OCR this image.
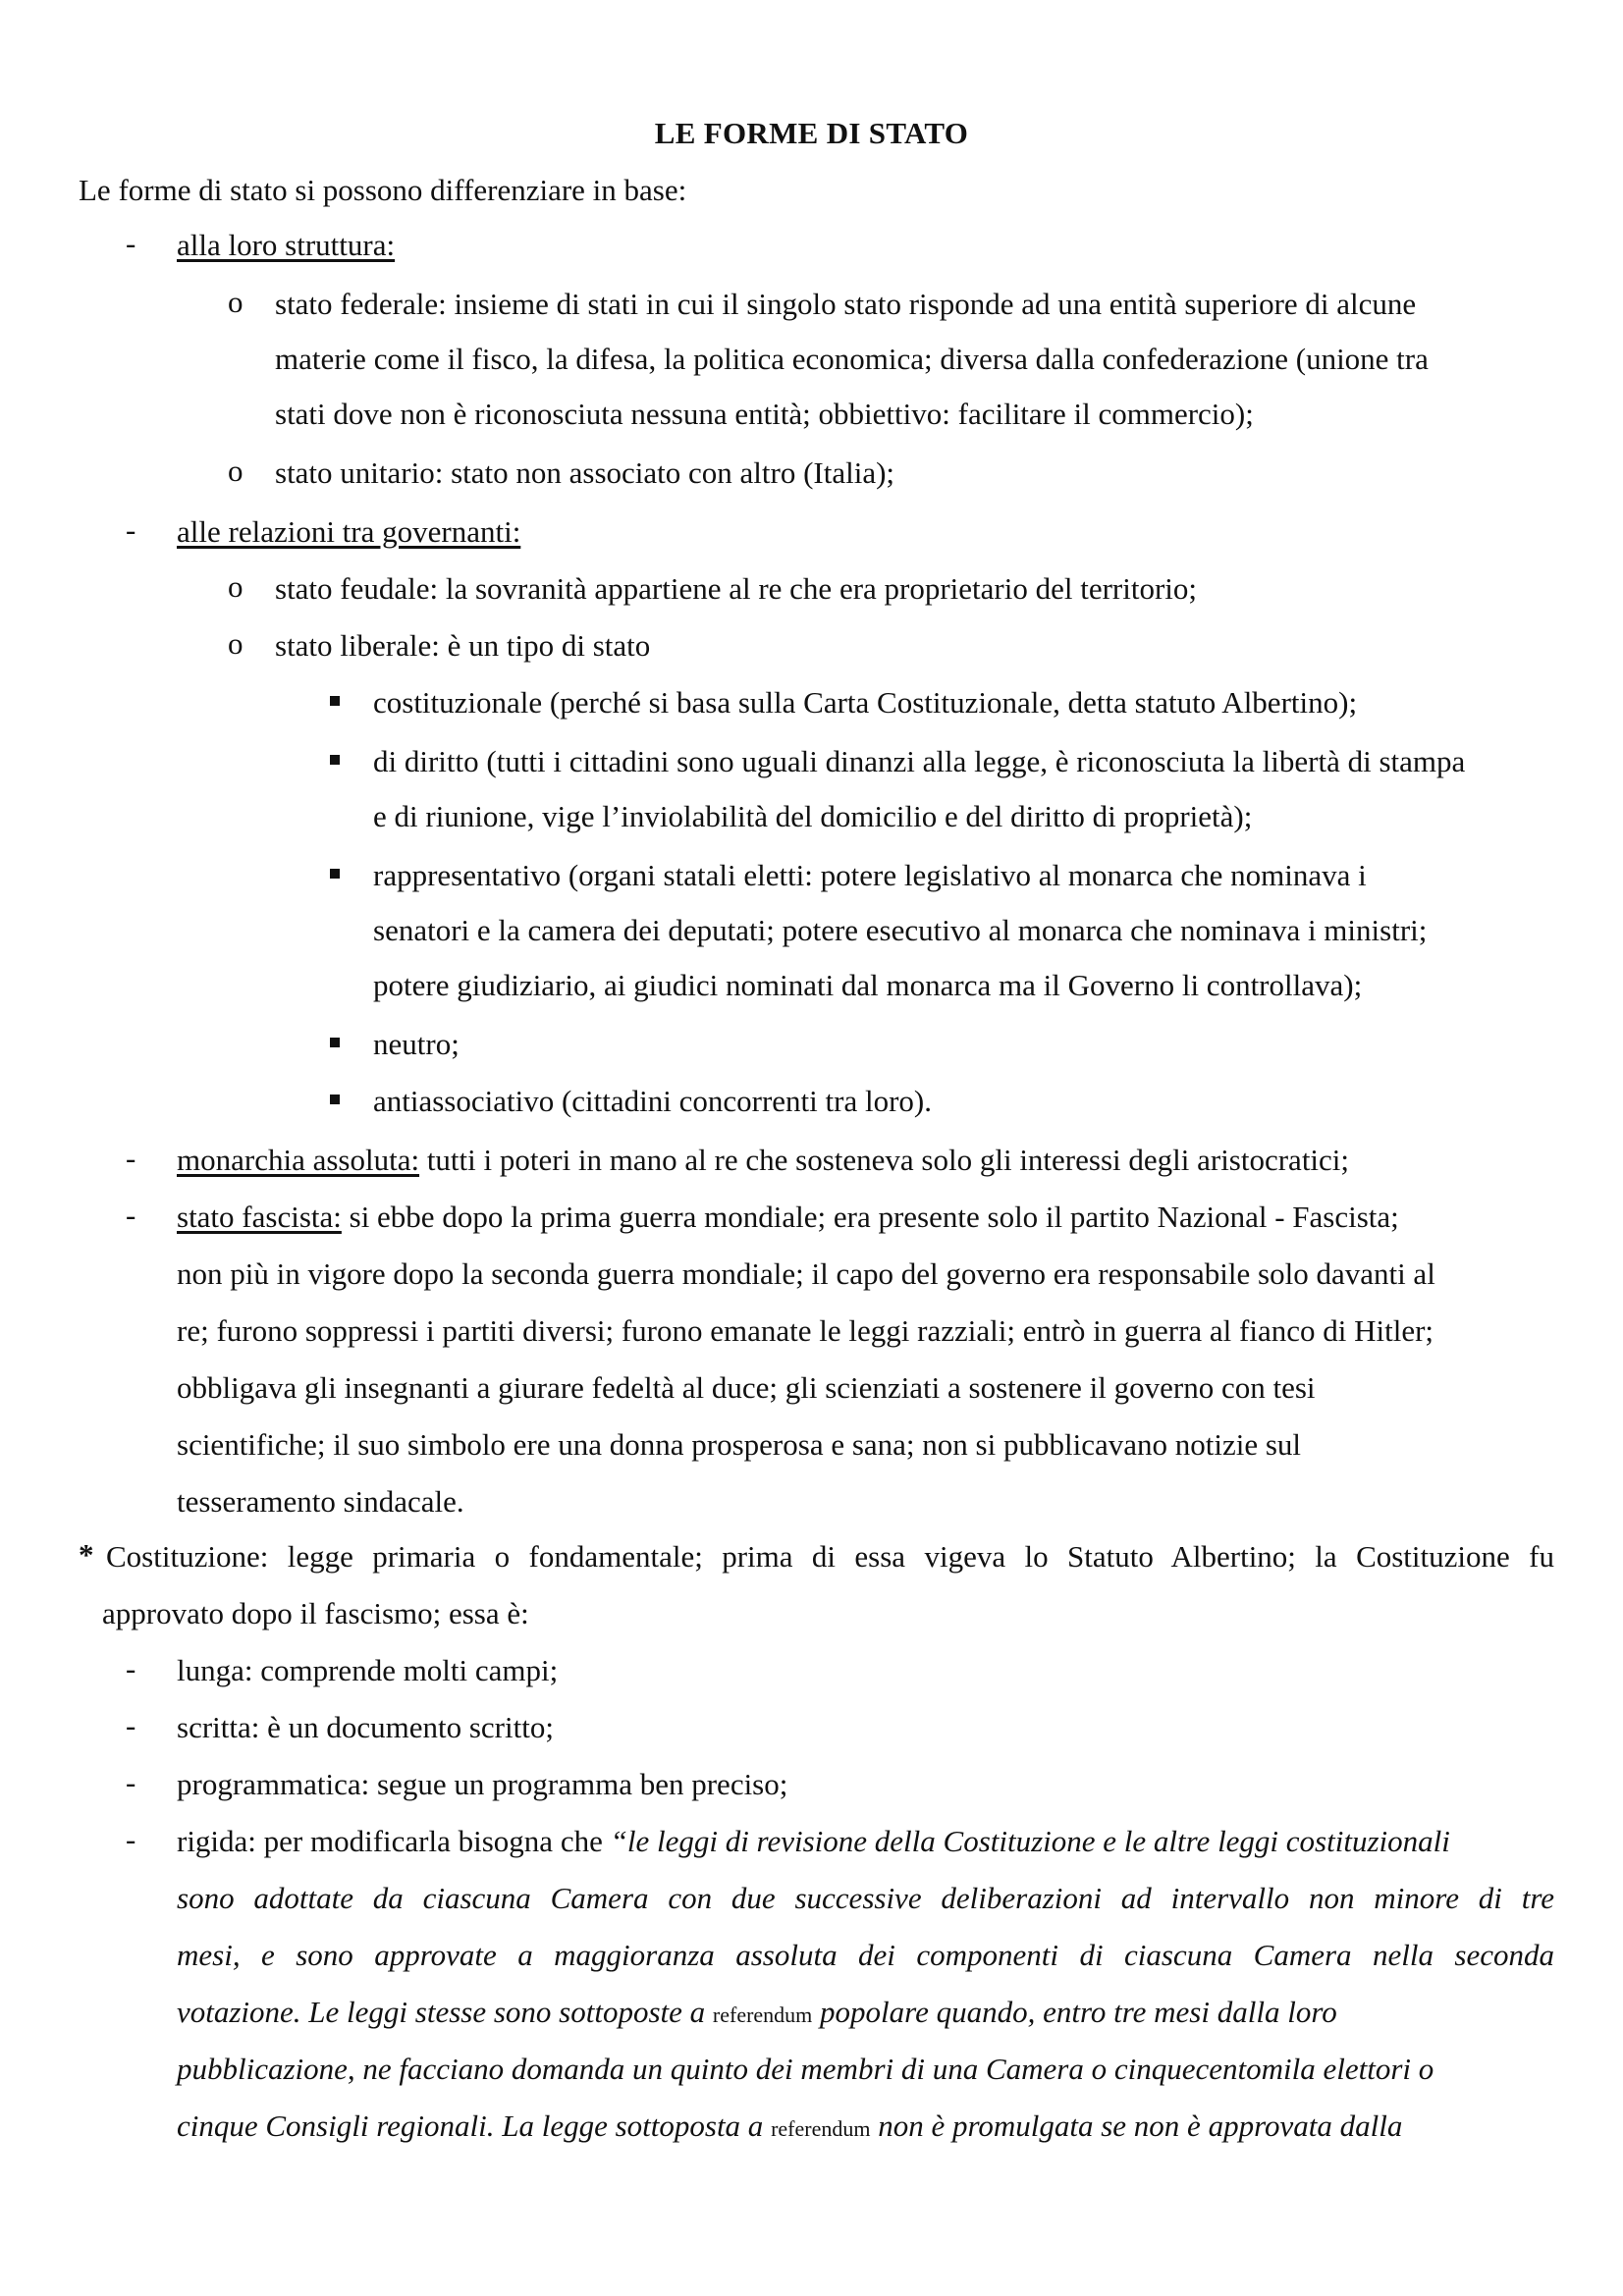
LE FORME DI STATO
Le forme di stato si possono differenziare in base:
- alla loro struttura:
o stato federale: insieme di stati in cui il singolo stato risponde ad una entità superiore di alcune
materie come il fisco, la difesa, la politica economica; diversa dalla confederazione (unione tra
stati dove non è riconosciuta nessuna entità; obbiettivo: facilitare il commercio);
o stato unitario: stato non associato con altro (Italia);
- alle relazioni tra governanti:
o stato feudale: la sovranità appartiene al re che era proprietario del territorio;
o stato liberale: è un tipo di stato
costituzionale (perché si basa sulla Carta Costituzionale, detta statuto Albertino);
di diritto (tutti i cittadini sono uguali dinanzi alla legge, è riconosciuta la libertà di stampa
e di riunione, vige l’inviolabilità del domicilio e del diritto di proprietà);
rappresentativo (organi statali eletti: potere legislativo al monarca che nominava i
senatori e la camera dei deputati; potere esecutivo al monarca che nominava i ministri;
potere giudiziario, ai giudici nominati dal monarca ma il Governo li controllava);
neutro;
antiassociativo (cittadini concorrenti tra loro).
- monarchia assoluta: tutti i poteri in mano al re che sosteneva solo gli interessi degli aristocratici;
- stato fascista: si ebbe dopo la prima guerra mondiale; era presente solo il partito Nazional - Fascista;
non più in vigore dopo la seconda guerra mondiale; il capo del governo era responsabile solo davanti al
re; furono soppressi i partiti diversi; furono emanate le leggi razziali; entrò in guerra al fianco di Hitler;
obbligava gli insegnanti a giurare fedeltà al duce; gli scienziati a sostenere il governo con tesi
scientifiche; il suo simbolo ere una donna prosperosa e sana; non si pubblicavano notizie sul
tesseramento sindacale.
* Costituzione: legge primaria o fondamentale; prima di essa vigeva lo Statuto Albertino; la Costituzione fu
approvato dopo il fascismo; essa è:
- lunga: comprende molti campi;
- scritta: è un documento scritto;
- programmatica: segue un programma ben preciso;
- rigida: per modificarla bisogna che “le leggi di revisione della Costituzione e le altre leggi costituzionali
sono adottate da ciascuna Camera con due successive deliberazioni ad intervallo non minore di tre
mesi, e sono approvate a maggioranza assoluta dei componenti di ciascuna Camera nella seconda
votazione. Le leggi stesse sono sottoposte a referendum popolare quando, entro tre mesi dalla loro
pubblicazione, ne facciano domanda un quinto dei membri di una Camera o cinquecentomila elettori o
cinque Consigli regionali. La legge sottoposta a referendum non è promulgata se non è approvata dalla
